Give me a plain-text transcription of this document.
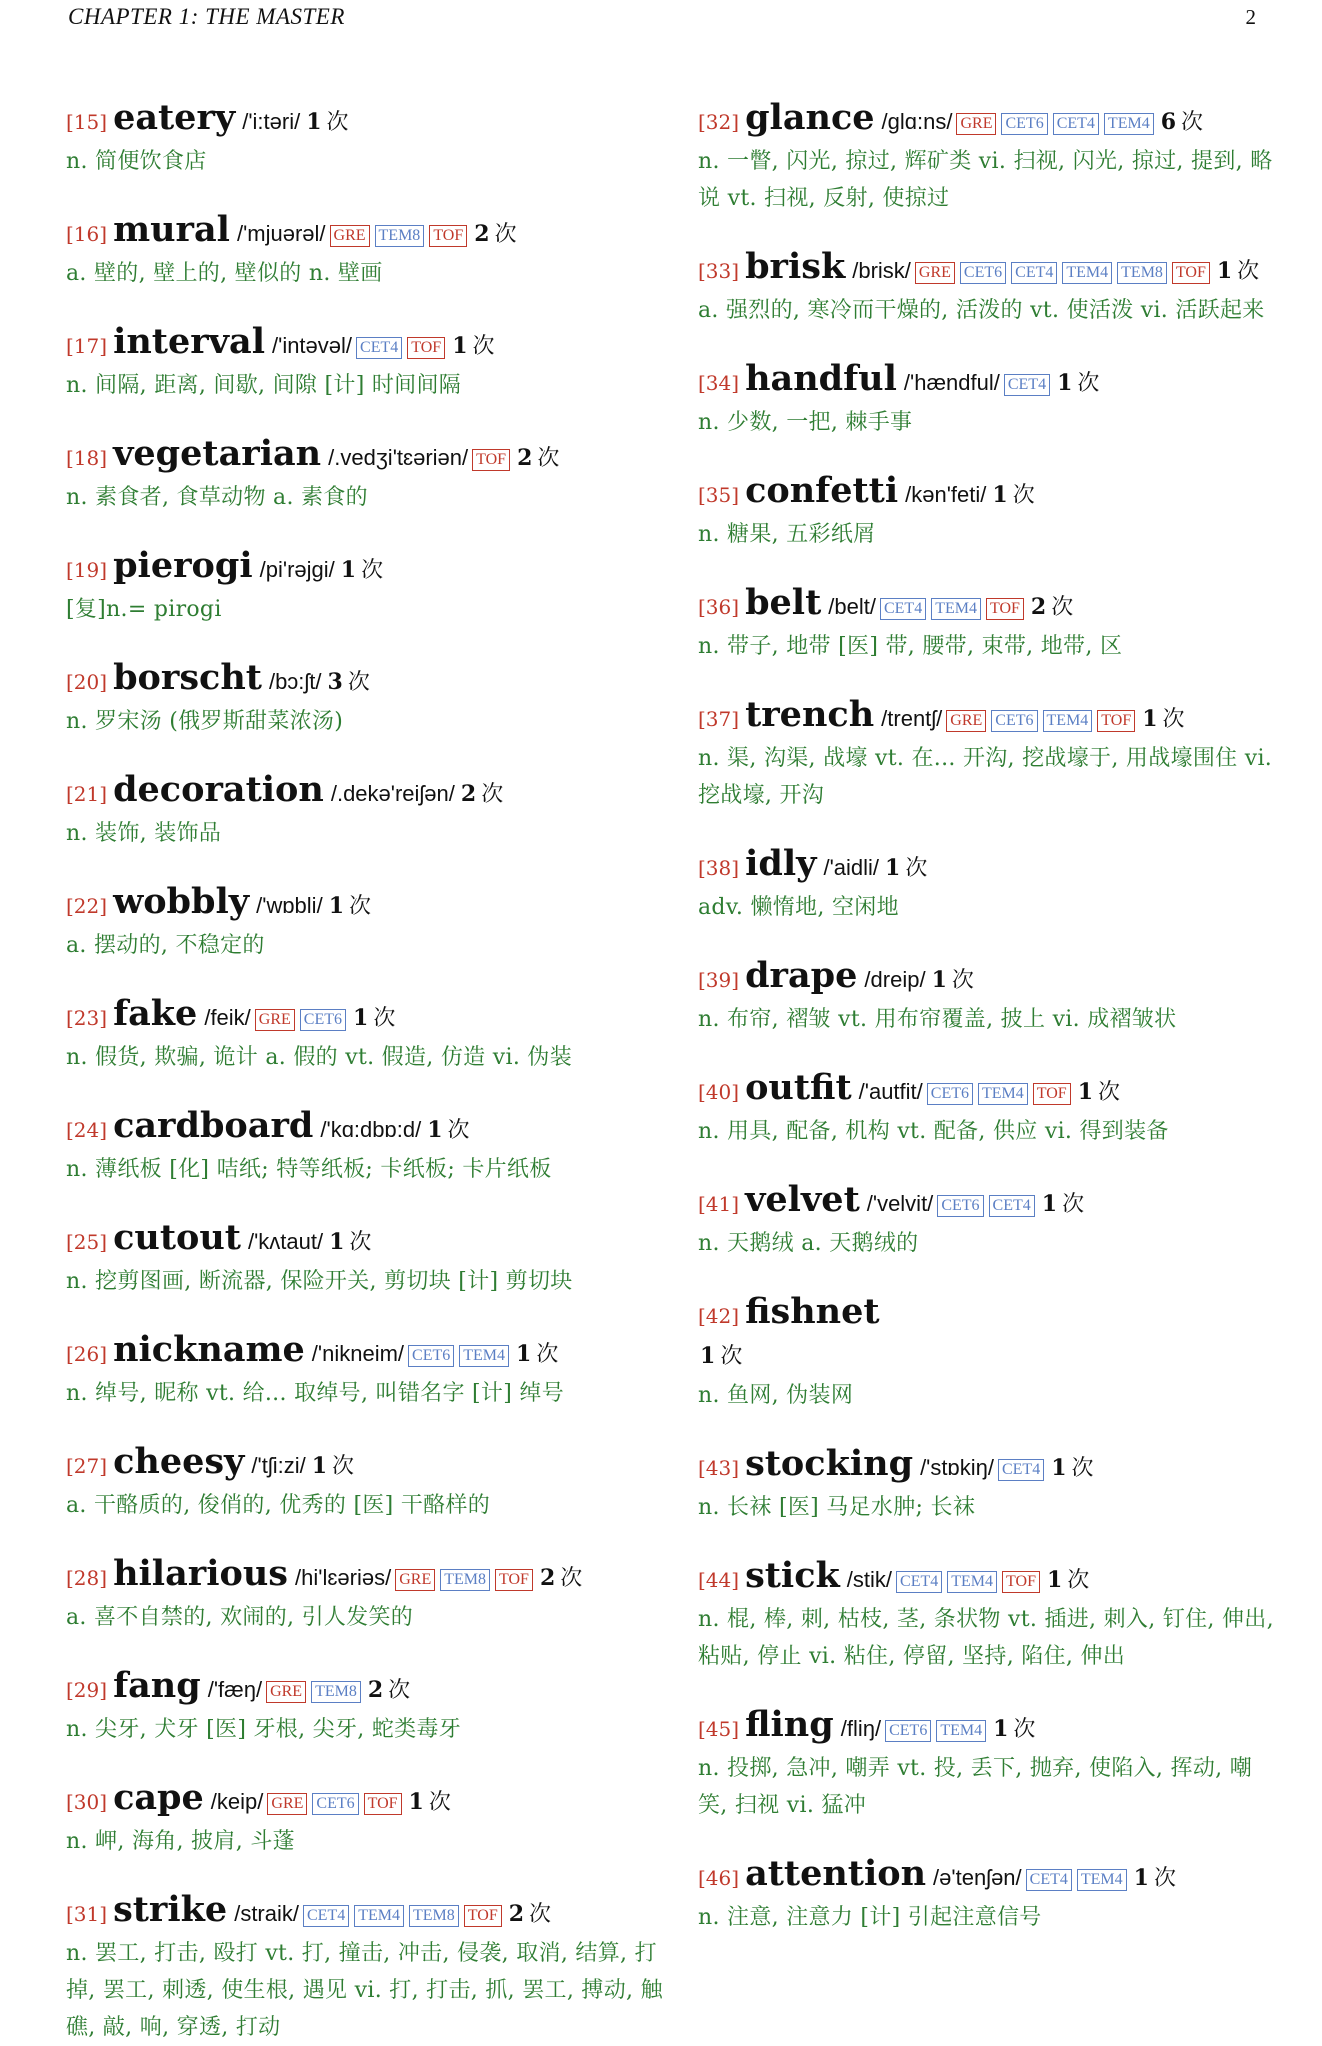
CHAPTER 1: THE MASTER	2
[15] eatery /'i:təri/ 1 次
n. 简便饮食店
[16] mural /'mjuərəl/ GRE TEM8 TOF 2 次
a. 壁的, 壁上的, 壁似的 n. 壁画
[17] interval /'intəvəl/ CET4 TOF 1 次
n. 间隔, 距离, 间歇, 间隙 [计] 时间间隔
[18] vegetarian /.vedʒi'tɛəriən/ TOF 2 次
n. 素食者, 食草动物 a. 素食的
[19] pierogi /pi'rəjgi/ 1 次
[复]n.= pirogi
[20] borscht /bɔ:ʃt/ 3 次
n. 罗宋汤 (俄罗斯甜菜浓汤)
[21] decoration /.dekə'reiʃən/ 2 次
n. 装饰, 装饰品
[22] wobbly /'wɒbli/ 1 次
a. 摆动的, 不稳定的
[23] fake /feik/ GRE CET6 1 次
n. 假货, 欺骗, 诡计 a. 假的 vt. 假造, 仿造 vi. 伪装
[24] cardboard /'kɑ:dbɒ:d/ 1 次
n. 薄纸板 [化] 咭纸; 特等纸板; 卡纸板; 卡片纸板
[25] cutout /'kʌtaut/ 1 次
n. 挖剪图画, 断流器, 保险开关, 剪切块 [计] 剪切块
[26] nickname /'nikneim/ CET6 TEM4 1 次
n. 绰号, 昵称 vt. 给... 取绰号, 叫错名字 [计] 绰号
[27] cheesy /'tʃi:zi/ 1 次
a. 干酪质的, 俊俏的, 优秀的 [医] 干酪样的
[28] hilarious /hi'lɛəriəs/ GRE TEM8 TOF 2 次
a. 喜不自禁的, 欢闹的, 引人发笑的
[29] fang /'fæŋ/ GRE TEM8 2 次
n. 尖牙, 犬牙 [医] 牙根, 尖牙, 蛇类毒牙
[30] cape /keip/ GRE CET6 TOF 1 次
n. 岬, 海角, 披肩, 斗蓬
[31] strike /straik/ CET4 TEM4 TEM8 TOF 2 次
n. 罢工, 打击, 殴打 vt. 打, 撞击, 冲击, 侵袭, 取消, 结算, 打掉, 罢工, 刺透, 使生根, 遇见 vi. 打, 打击, 抓, 罢工, 搏动, 触礁, 敲, 响, 穿透, 打动
[32] glance /glɑ:ns/ GRE CET6 CET4 TEM4 6 次
n. 一瞥, 闪光, 掠过, 辉矿类 vi. 扫视, 闪光, 掠过, 提到, 略说 vt. 扫视, 反射, 使掠过
[33] brisk /brisk/ GRE CET6 CET4 TEM4 TEM8 TOF 1 次
a. 强烈的, 寒冷而干燥的, 活泼的 vt. 使活泼 vi. 活跃起来
[34] handful /'hændful/ CET4 1 次
n. 少数, 一把, 棘手事
[35] confetti /kən'feti/ 1 次
n. 糖果, 五彩纸屑
[36] belt /belt/ CET4 TEM4 TOF 2 次
n. 带子, 地带 [医] 带, 腰带, 束带, 地带, 区
[37] trench /trentʃ/ GRE CET6 TEM4 TOF 1 次
n. 渠, 沟渠, 战壕 vt. 在... 开沟, 挖战壕于, 用战壕围住 vi. 挖战壕, 开沟
[38] idly /'aidli/ 1 次
adv. 懒惰地, 空闲地
[39] drape /dreip/ 1 次
n. 布帘, 褶皱 vt. 用布帘覆盖, 披上 vi. 成褶皱状
[40] outfit /'autfit/ CET6 TEM4 TOF 1 次
n. 用具, 配备, 机构 vt. 配备, 供应 vi. 得到装备
[41] velvet /'velvit/ CET6 CET4 1 次
n. 天鹅绒 a. 天鹅绒的
[42] fishnet
1 次
n. 鱼网, 伪装网
[43] stocking /'stɒkiŋ/ CET4 1 次
n. 长袜 [医] 马足水肿; 长袜
[44] stick /stik/ CET4 TEM4 TOF 1 次
n. 棍, 棒, 刺, 枯枝, 茎, 条状物 vt. 插进, 刺入, 钉住, 伸出, 粘贴, 停止 vi. 粘住, 停留, 坚持, 陷住, 伸出
[45] fling /fliŋ/ CET6 TEM4 1 次
n. 投掷, 急冲, 嘲弄 vt. 投, 丢下, 抛弃, 使陷入, 挥动, 嘲笑, 扫视 vi. 猛冲
[46] attention /ə'tenʃən/ CET4 TEM4 1 次
n. 注意, 注意力 [计] 引起注意信号
